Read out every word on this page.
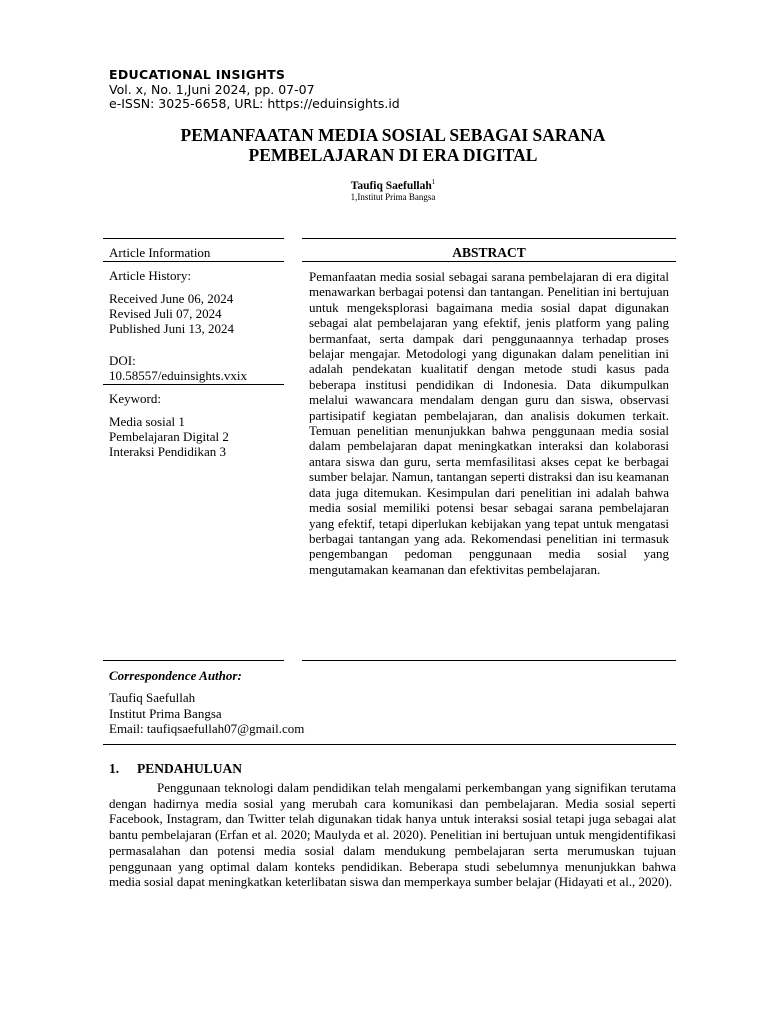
EDUCATIONAL INSIGHTS
Vol. x, No. 1,Juni 2024, pp. 07-07
e-ISSN: 3025-6658, URL: https://eduinsights.id
PEMANFAATAN MEDIA SOSIAL SEBAGAI SARANA
PEMBELAJARAN DI ERA DIGITAL
Taufiq Saefullah$^1$
1,Institut Prima Bangsa
Article Information
Article History:
Received June 06, 2024
Revised Juli 07, 2024
Published Juni 13, 2024
DOI:
10.58557/eduinsights.vxix
Keyword:
Media sosial 1
Pembelajaran Digital 2
Interaksi Pendidikan 3
ABSTRACT
Pemanfaatan media sosial sebagai sarana pembelajaran di era digital menawarkan berbagai potensi dan tantangan. Penelitian ini bertujuan untuk mengeksplorasi bagaimana media sosial dapat digunakan sebagai alat pembelajaran yang efektif, jenis platform yang paling bermanfaat, serta dampak dari penggunaannya terhadap proses belajar mengajar. Metodologi yang digunakan dalam penelitian ini adalah pendekatan kualitatif dengan metode studi kasus pada beberapa institusi pendidikan di Indonesia. Data dikumpulkan melalui wawancara mendalam dengan guru dan siswa, observasi partisipatif kegiatan pembelajaran, dan analisis dokumen terkait. Temuan penelitian menunjukkan bahwa penggunaan media sosial dalam pembelajaran dapat meningkatkan interaksi dan kolaborasi antara siswa dan guru, serta memfasilitasi akses cepat ke berbagai sumber belajar. Namun, tantangan seperti distraksi dan isu keamanan data juga ditemukan. Kesimpulan dari penelitian ini adalah bahwa media sosial memiliki potensi besar sebagai sarana pembelajaran yang efektif, tetapi diperlukan kebijakan yang tepat untuk mengatasi berbagai tantangan yang ada. Rekomendasi penelitian ini termasuk pengembangan pedoman penggunaan media sosial yang mengutamakan keamanan dan efektivitas pembelajaran.
Correspondence Author:
Taufiq Saefullah
Institut Prima Bangsa
Email: taufiqsaefullah07@gmail.com
1. PENDAHULUAN
Penggunaan teknologi dalam pendidikan telah mengalami perkembangan yang signifikan terutama dengan hadirnya media sosial yang merubah cara komunikasi dan pembelajaran. Media sosial seperti Facebook, Instagram, dan Twitter telah digunakan tidak hanya untuk interaksi sosial tetapi juga sebagai alat bantu pembelajaran (Erfan et al. 2020; Maulyda et al. 2020). Penelitian ini bertujuan untuk mengidentifikasi permasalahan dan potensi media sosial dalam mendukung pembelajaran serta merumuskan tujuan penggunaan yang optimal dalam konteks pendidikan. Beberapa studi sebelumnya menunjukkan bahwa media sosial dapat meningkatkan keterlibatan siswa dan memperkaya sumber belajar (Hidayati et al., 2020).
